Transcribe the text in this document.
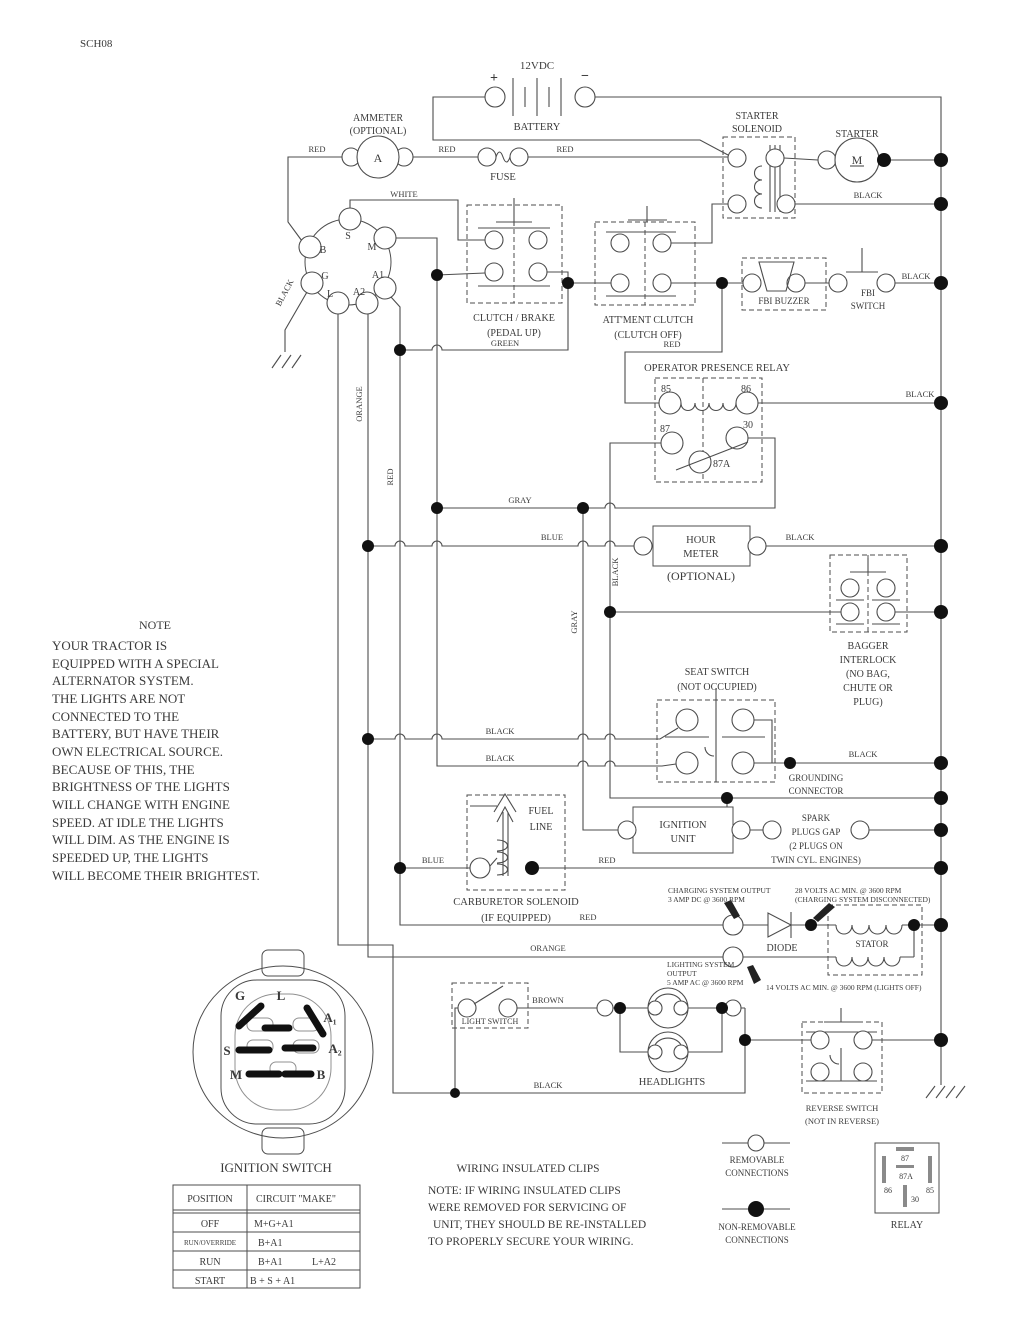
12VDC
+	−
BATTERY
A
AMMETER
(OPTIONAL)
FUSE
STARTER
SOLENOID
M
STARTER
S
M
B
G
L A2
A1
CLUTCH / BRAKE
(PEDAL UP)
ATT'MENT CLUTCH
(CLUTCH OFF)
FBI BUZZER
FBI
SWITCH
OPERATOR PRESENCE RELAY
85	86
87	30
87A
HOUR
METER
(OPTIONAL)
BAGGER
INTERLOCK
(NO BAG,
CHUTE OR
PLUG)
SEAT SWITCH
(NOT OCCUPIED)
GROUNDING
CONNECTOR
IGNITION
UNIT
SPARK
PLUGS GAP
(2 PLUGS ON
TWIN CYL. ENGINES)
FUEL
LINE
CARBURETOR SOLENOID
(IF EQUIPPED)
DIODE	STATOR
CHARGING SYSTEM OUTPUT
3 AMP DC @ 3600 RPM
28 VOLTS AC MIN. @ 3600 RPM
(CHARGING SYSTEM DISCONNECTED)
LIGHTING SYSTEM
OUTPUT
5 AMP AC @ 3600 RPM
14 VOLTS AC MIN. @ 3600 RPM (LIGHTS OFF)
LIGHT SWITCH
HEADLIGHTS
REVERSE SWITCH
(NOT IN REVERSE)
87
87A
86	85
30
RELAY
REMOVABLE
CONNECTIONS
NON-REMOVABLE
CONNECTIONS
G L
A₁
A₂
S
M	B
IGNITION SWITCH
POSITION CIRCUIT "MAKE"
OFF	M+G+A1
RUN/OVERRIDE B+A1
RUN	B+A1	L+A2
START B + S + A1
NOTE
YOUR TRACTOR IS
EQUIPPED WITH A SPECIAL
ALTERNATOR SYSTEM.
THE LIGHTS ARE NOT
CONNECTED TO THE
BATTERY, BUT HAVE THEIR
OWN ELECTRICAL SOURCE.
BECAUSE OF THIS, THE
BRIGHTNESS OF THE LIGHTS
WILL CHANGE WITH ENGINE
SPEED. AT IDLE THE LIGHTS
WILL DIM. AS THE ENGINE IS
SPEEDED UP, THE LIGHTS
WILL BECOME THEIR BRIGHTEST.
WIRING INSULATED CLIPS
NOTE: IF WIRING INSULATED CLIPS
WERE REMOVED FOR SERVICING OF
UNIT, THEY SHOULD BE RE-INSTALLED
TO PROPERLY SECURE YOUR WIRING.
RED	RED	RED
WHITE	BLACK
BLACK
BLACK
GREEN	RED
BLACK
ORANGE
RED
GRAY
BLUE	BLACK
BLACK
GRAY
BLACK
BLACK	BLACK
BLUE	RED
RED
ORANGE
BROWN
BLACK
SCH08
